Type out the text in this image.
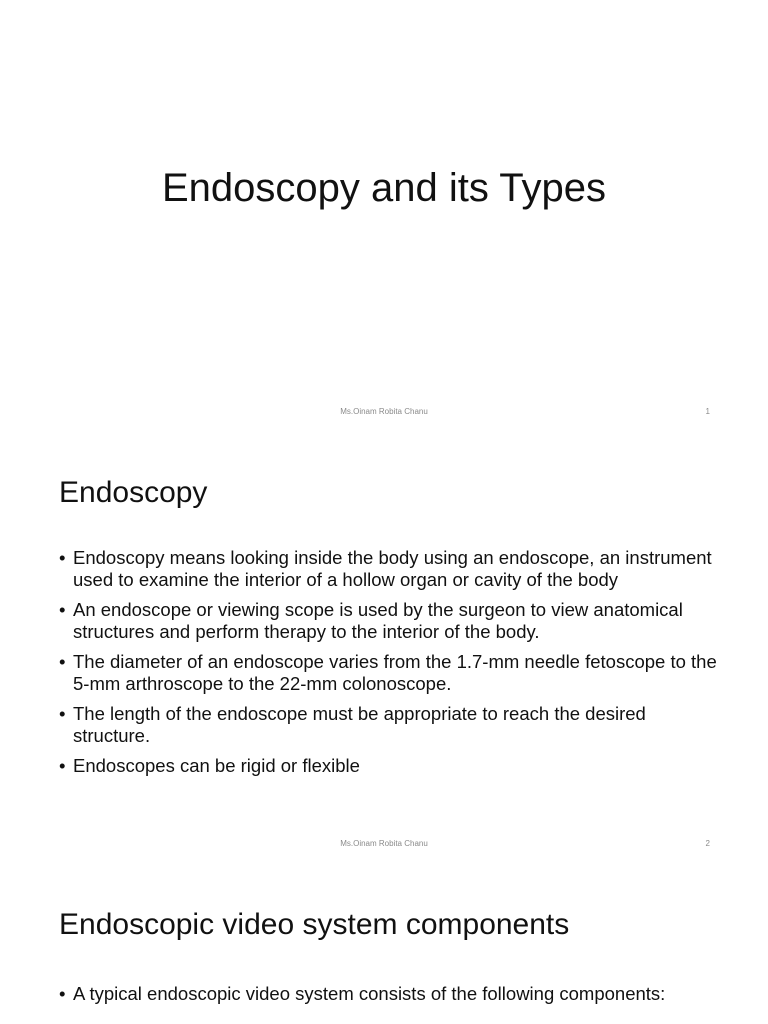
Endoscopy and its Types

Ms.Oinam Robita Chanu	1

Endoscopy
• Endoscopy means looking inside the body using an endoscope, an instrument used to examine the interior of a hollow organ or cavity of the body
• An endoscope or viewing scope is used by the surgeon to view anatomical structures and perform therapy to the interior of the body.
• The diameter of an endoscope varies from the 1.7-mm needle fetoscope to the 5-mm arthroscope to the 22-mm colonoscope.
• The length of the endoscope must be appropriate to reach the desired structure.
• Endoscopes can be rigid or flexible

Ms.Oinam Robita Chanu	2

Endoscopic video system components
• A typical endoscopic video system consists of the following components:
